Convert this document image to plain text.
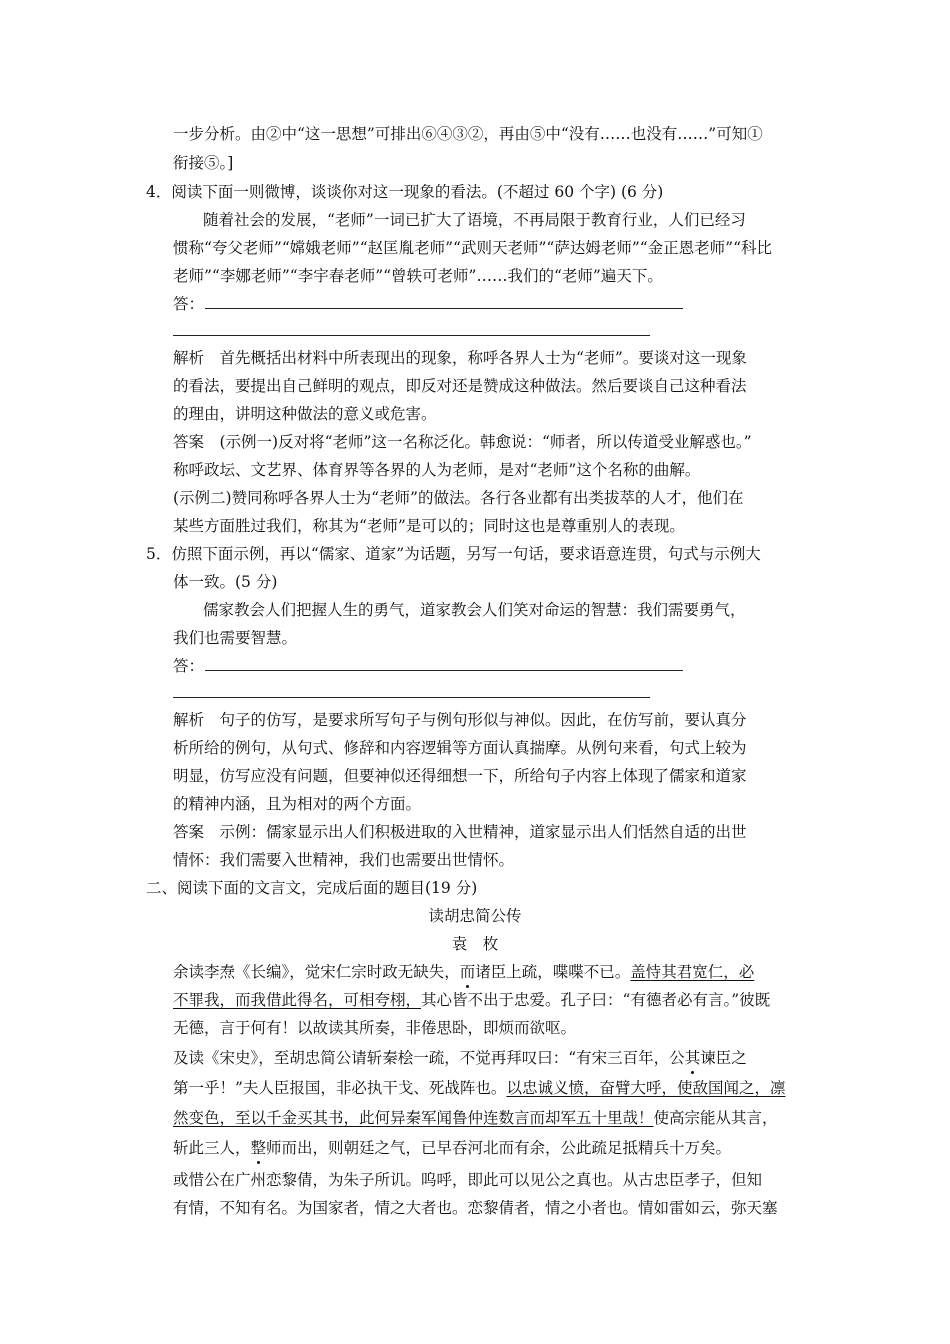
一步分析。由②中“这一思想”可排出⑥④③②，再由⑤中“没有……也没有……”可知①
衔接⑤。]
4．阅读下面一则微博，谈谈你对这一现象的看法。(不超过 60 个字) (6 分)
随着社会的发展，“老师”一词已扩大了语境，不再局限于教育行业，人们已经习
惯称“夸父老师”“嫦娥老师”“赵匡胤老师”“武则天老师”“萨达姆老师”“金正恩老师”“科比
老师”“李娜老师”“李宇春老师”“曾轶可老师”……我们的“老师”遍天下。
答：
解析　首先概括出材料中所表现出的现象，称呼各界人士为“老师”。要谈对这一现象
的看法，要提出自己鲜明的观点，即反对还是赞成这种做法。然后要谈自己这种看法
的理由，讲明这种做法的意义或危害。
答案　(示例一)反对将“老师”这一名称泛化。韩愈说：“师者，所以传道受业解惑也。”
称呼政坛、文艺界、体育界等各界的人为老师，是对“老师”这个名称的曲解。
(示例二)赞同称呼各界人士为“老师”的做法。各行各业都有出类拔萃的人才，他们在
某些方面胜过我们，称其为“老师”是可以的；同时这也是尊重别人的表现。
5．仿照下面示例，再以“儒家、道家”为话题，另写一句话，要求语意连贯，句式与示例大
体一致。(5 分)
儒家教会人们把握人生的勇气，道家教会人们笑对命运的智慧：我们需要勇气，
我们也需要智慧。
答：
解析　句子的仿写，是要求所写句子与例句形似与神似。因此，在仿写前，要认真分
析所给的例句，从句式、修辞和内容逻辑等方面认真揣摩。从例句来看，句式上较为
明显，仿写应没有问题，但要神似还得细想一下，所给句子内容上体现了儒家和道家
的精神内涵，且为相对的两个方面。
答案　示例：儒家显示出人们积极进取的入世精神，道家显示出人们恬然自适的出世
情怀：我们需要入世精神，我们也需要出世情怀。
二、阅读下面的文言文，完成后面的题目(19 分)
读胡忠简公传
袁　枚
余读李焘《长编》，觉宋仁宗时政无缺失，而诸臣上疏，喋喋不已。盖恃其君宽仁，必
不罪我，而我借此得名，可相夸栩，其心皆不出于忠爱。孔子曰：“有德者必有言。”彼既
无德，言于何有！以故读其所奏，非倦思卧，即烦而欲呕。
及读《宋史》，至胡忠简公请斩秦桧一疏，不觉再拜叹曰：“有宋三百年，公其谏臣之
第一乎！”夫人臣报国，非必执干戈、死战阵也。以忠诚义愤，奋臂大呼，使敌国闻之，凛
然变色，至以千金买其书，此何异秦军闻鲁仲连数言而却军五十里哉！使高宗能从其言，
斩此三人，整师而出，则朝廷之气，已早吞河北而有余，公此疏足抵精兵十万矣。
或惜公在广州恋黎倩，为朱子所讥。呜呼，即此可以见公之真也。从古忠臣孝子，但知
有情，不知有名。为国家者，情之大者也。恋黎倩者，情之小者也。情如雷如云，弥天塞
